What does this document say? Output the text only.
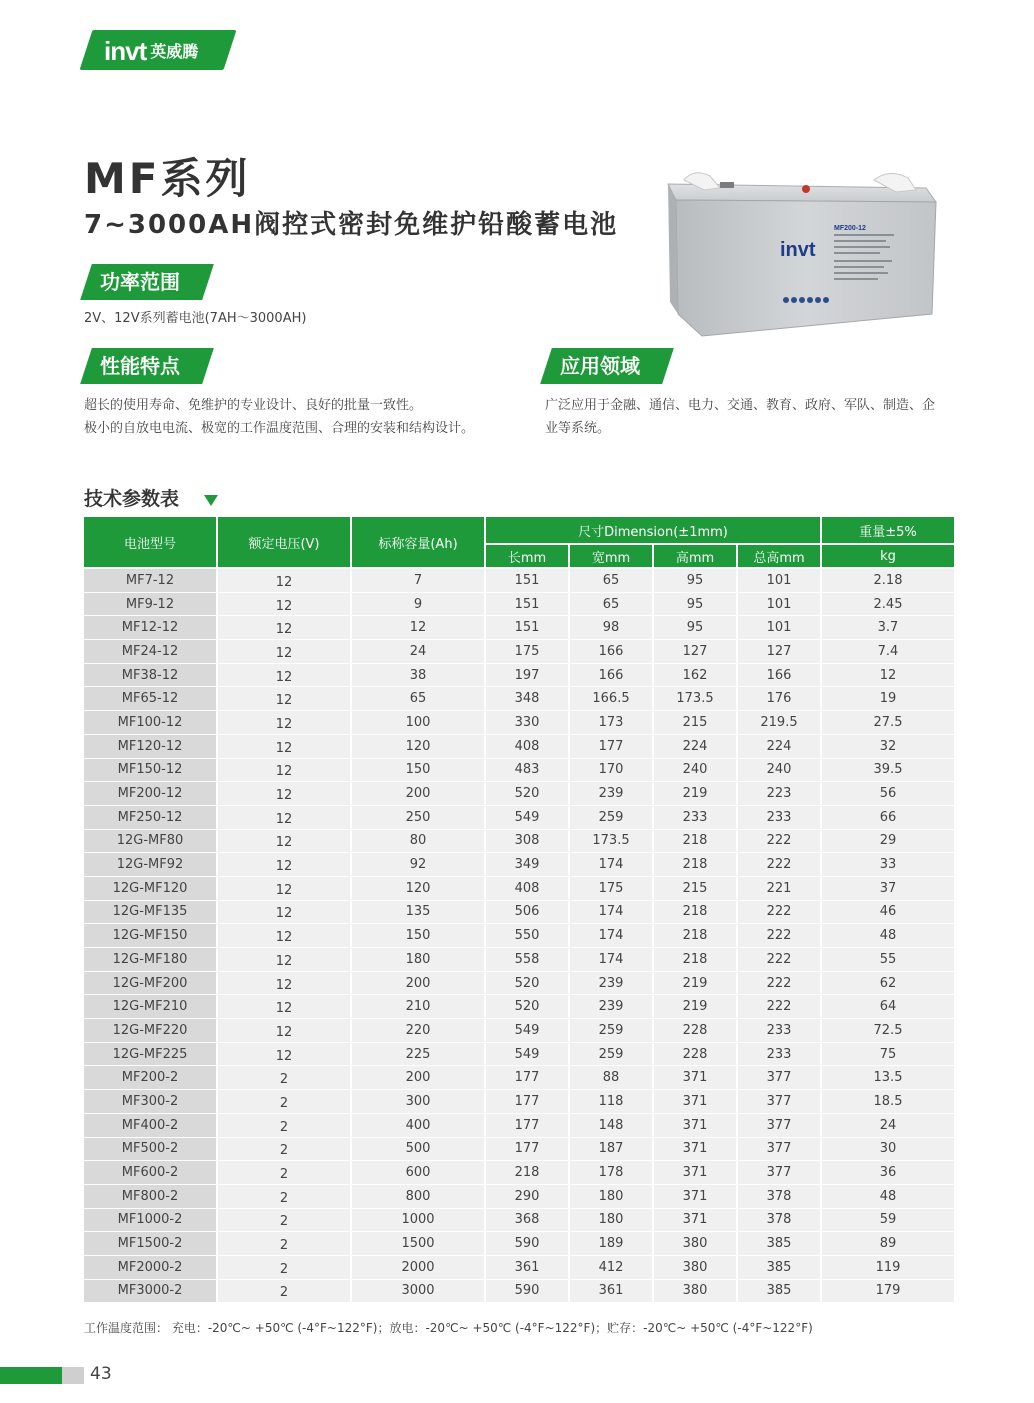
invt 英威腾
MF系列
7~3000AH阀控式密封免维护铅酸蓄电池
功率范围
2V、12V系列蓄电池(7AH～3000AH)
性能特点
超长的使用寿命、免维护的专业设计、良好的批量一致性。
极小的自放电电流、极宽的工作温度范围、合理的安装和结构设计。
应用领域
广泛应用于金融、通信、电力、交通、教育、政府、军队、制造、企
业等系统。
invt
MF200-12
技术参数表
电池型号	额定电压(V)	标称容量(Ah)	尺寸Dimension(±1mm)				重量±5%
			长mm	宽mm	高mm	总高mm	kg
MF7-12	12	7	151	65	95	101	2.18
MF9-12	12	9	151	65	95	101	2.45
MF12-12	12	12	151	98	95	101	3.7
MF24-12	12	24	175	166	127	127	7.4
MF38-12	12	38	197	166	162	166	12
MF65-12	12	65	348	166.5	173.5	176	19
MF100-12	12	100	330	173	215	219.5	27.5
MF120-12	12	120	408	177	224	224	32
MF150-12	12	150	483	170	240	240	39.5
MF200-12	12	200	520	239	219	223	56
MF250-12	12	250	549	259	233	233	66
12G-MF80	12	80	308	173.5	218	222	29
12G-MF92	12	92	349	174	218	222	33
12G-MF120	12	120	408	175	215	221	37
12G-MF135	12	135	506	174	218	222	46
12G-MF150	12	150	550	174	218	222	48
12G-MF180	12	180	558	174	218	222	55
12G-MF200	12	200	520	239	219	222	62
12G-MF210	12	210	520	239	219	222	64
12G-MF220	12	220	549	259	228	233	72.5
12G-MF225	12	225	549	259	228	233	75
MF200-2	2	200	177	88	371	377	13.5
MF300-2	2	300	177	118	371	377	18.5
MF400-2	2	400	177	148	371	377	24
MF500-2	2	500	177	187	371	377	30
MF600-2	2	600	218	178	371	377	36
MF800-2	2	800	290	180	371	378	48
MF1000-2	2	1000	368	180	371	378	59
MF1500-2	2	1500	590	189	380	385	89
MF2000-2	2	2000	361	412	380	385	119
MF3000-2	2	3000	590	361	380	385	179
工作温度范围： 充电：-20℃~ +50℃ (-4°F~122°F)；放电：-20℃~ +50℃ (-4°F~122°F)；贮存：-20℃~ +50℃ (-4°F~122°F)
43
